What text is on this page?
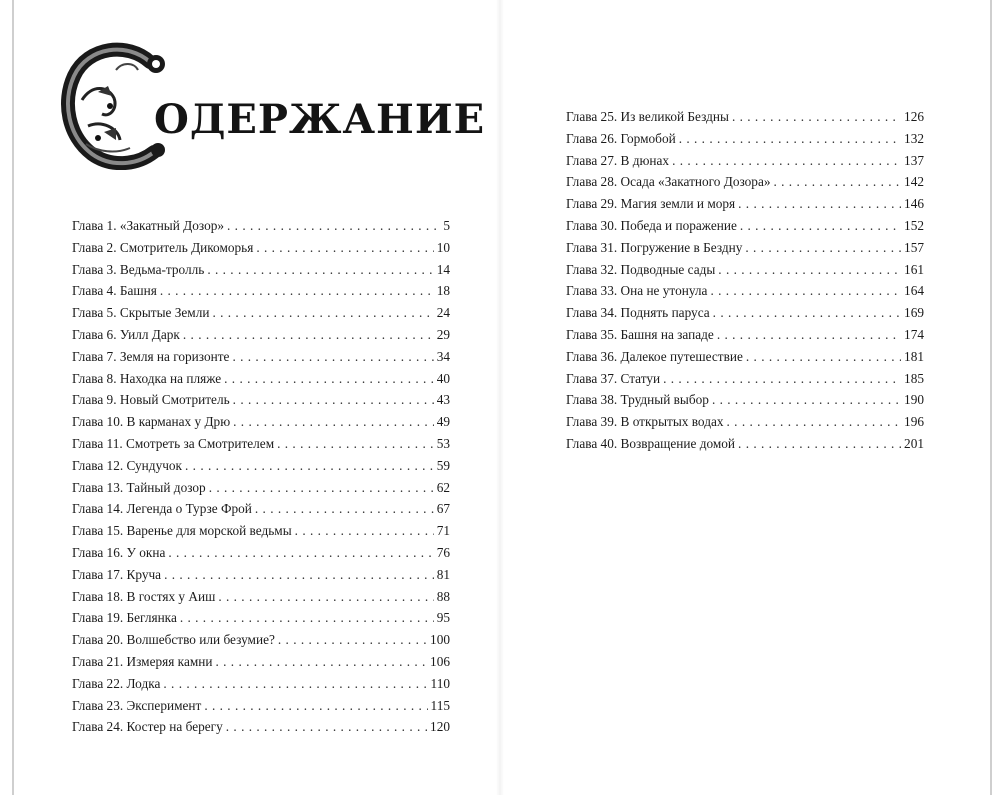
ОДЕРЖАНИЕ
Глава 1. «Закатный Дозор» . . .	5
Глава 2. Смотритель Дикоморья . . .	10
Глава 3. Ведьма-тролль . . .	14
Глава 4. Башня . . .	18
Глава 5. Скрытые Земли . . .	24
Глава 6. Уилл Дарк . . .	29
Глава 7. Земля на горизонте . . .	34
Глава 8. Находка на пляже . . .	40
Глава 9. Новый Смотритель . . .	43
Глава 10. В карманах у Дрю . . .	49
Глава 11. Смотреть за Смотрителем . . .	53
Глава 12. Сундучок . . .	59
Глава 13. Тайный дозор . . .	62
Глава 14. Легенда о Турзе Фрой . . .	67
Глава 15. Варенье для морской ведьмы . . .	71
Глава 16. У окна . . .	76
Глава 17. Круча . . .	81
Глава 18. В гостях у Аиш . . .	88
Глава 19. Беглянка . . .	95
Глава 20. Волшебство или безумие? . . .	100
Глава 21. Измеряя камни . . .	106
Глава 22. Лодка . . .	110
Глава 23. Эксперимент . . .	115
Глава 24. Костер на берегу . . .	120
Глава 25. Из великой Бездны . . .	126
Глава 26. Гормобой . . .	132
Глава 27. В дюнах . . .	137
Глава 28. Осада «Закатного Дозора» . . .	142
Глава 29. Магия земли и моря . . .	146
Глава 30. Победа и поражение . . .	152
Глава 31. Погружение в Бездну . . .	157
Глава 32. Подводные сады . . .	161
Глава 33. Она не утонула . . .	164
Глава 34. Поднять паруса . . .	169
Глава 35. Башня на западе . . .	174
Глава 36. Далекое путешествие . . .	181
Глава 37. Статуи . . .	185
Глава 38. Трудный выбор . . .	190
Глава 39. В открытых водах . . .	196
Глава 40. Возвращение домой . . .	201
